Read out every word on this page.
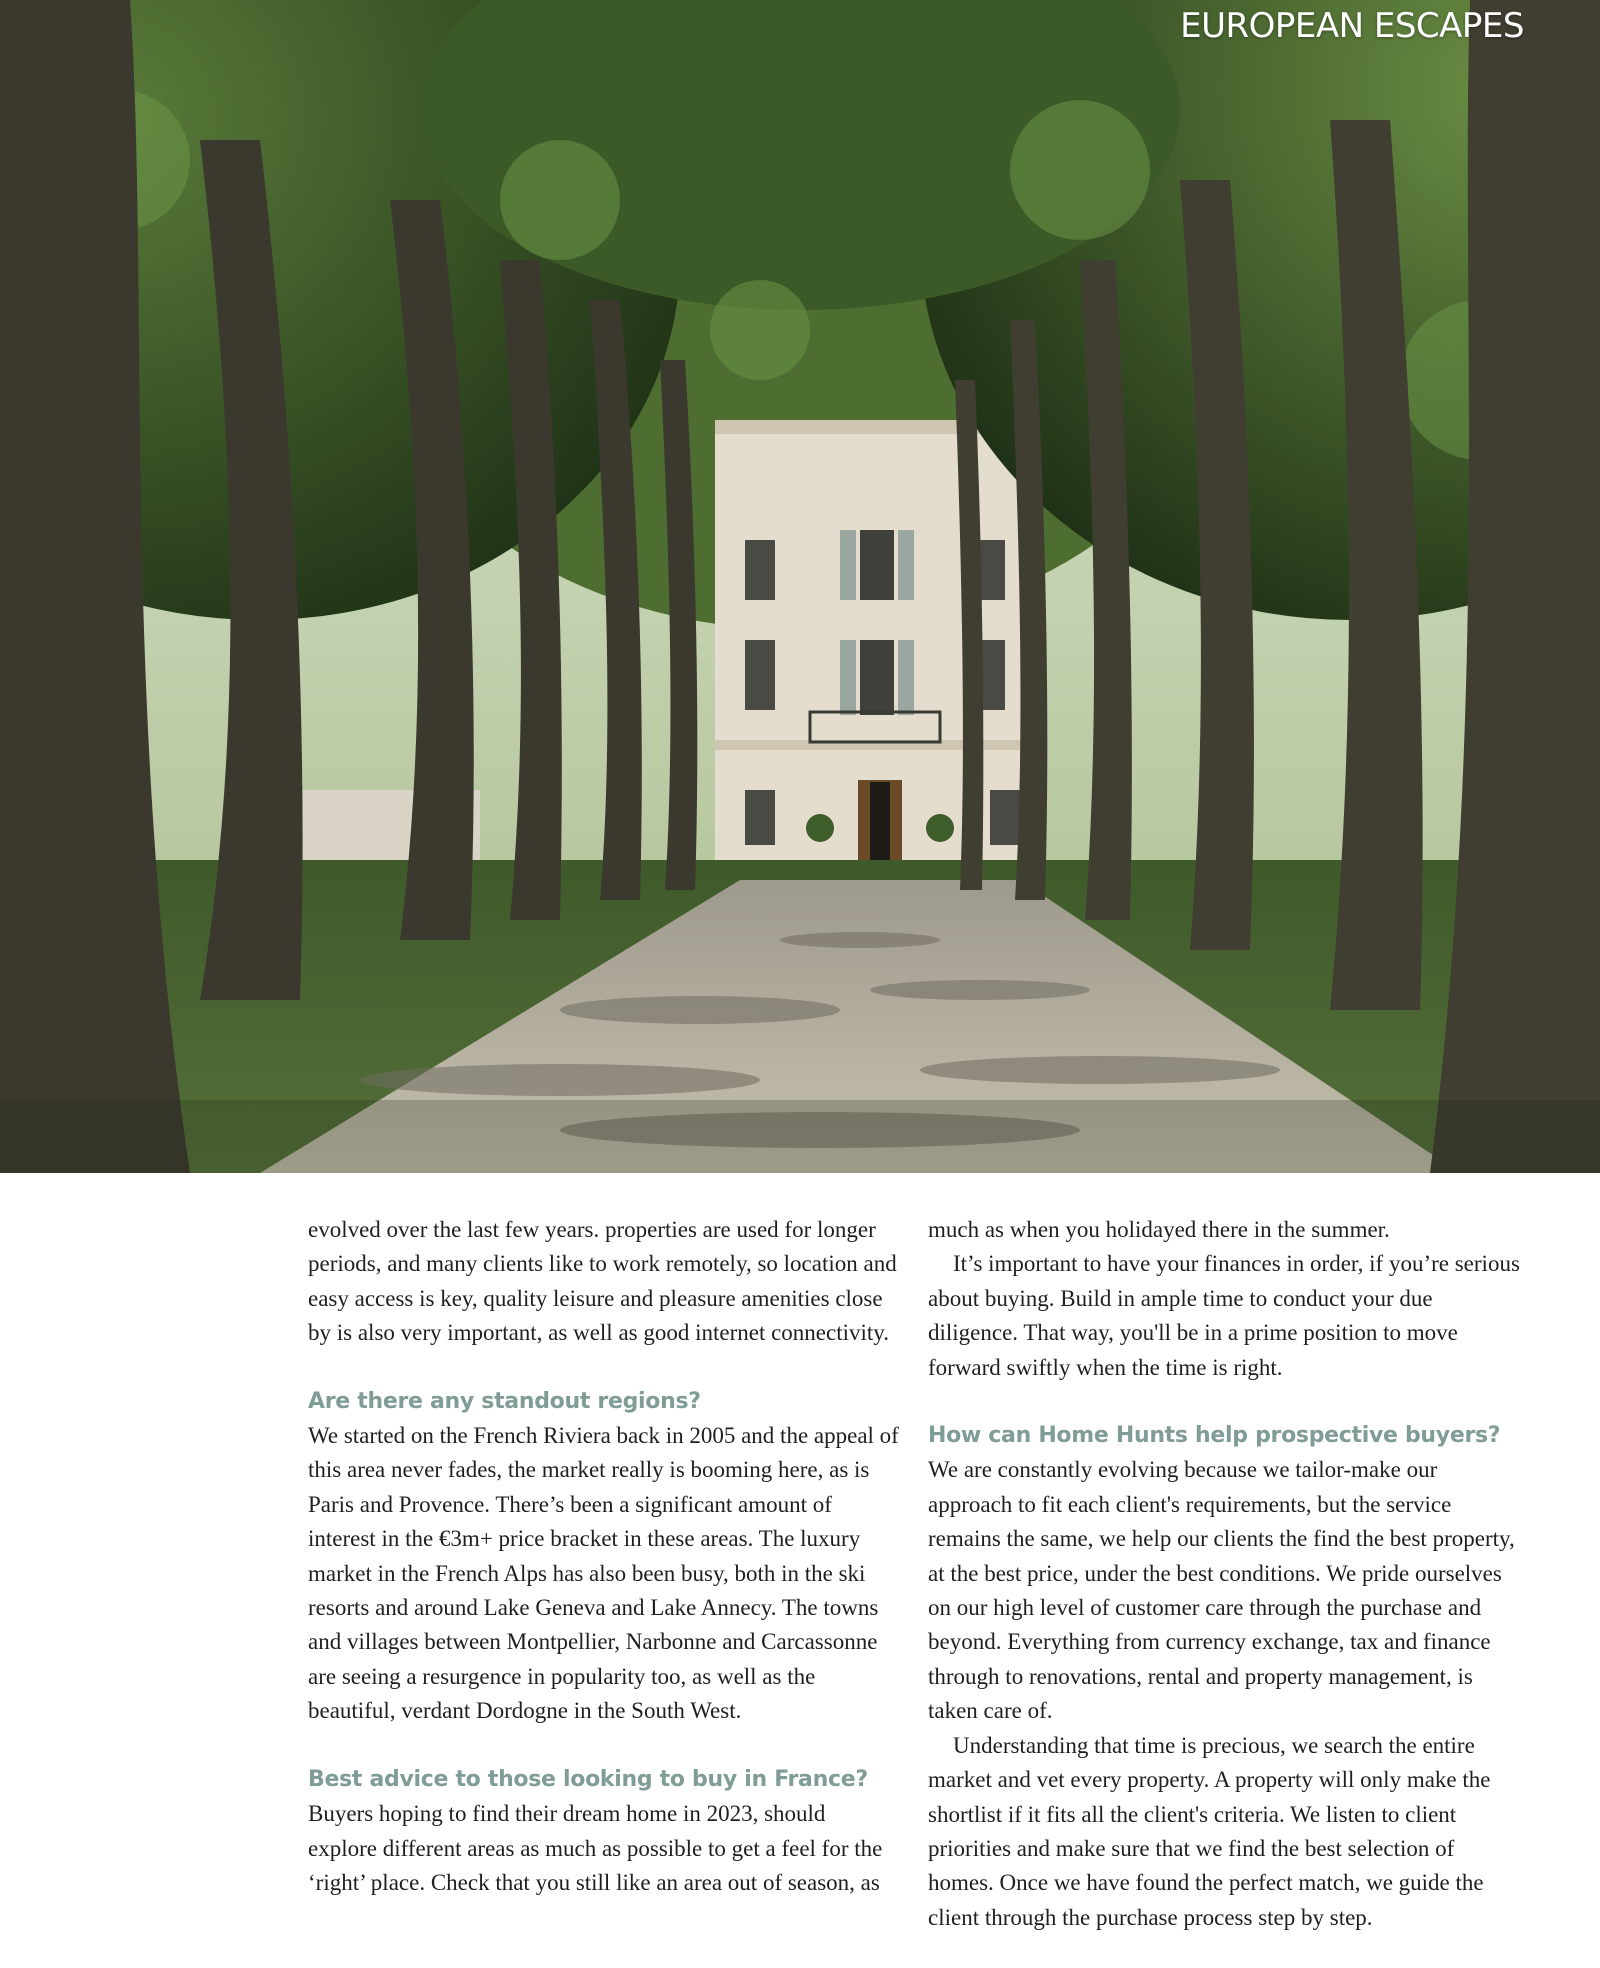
EUROPEAN ESCAPES

evolved over the last few years. properties are used for longer periods, and many clients like to work remotely, so location and easy access is key, quality leisure and pleasure amenities close by is also very important, as well as good internet connectivity.

Are there any standout regions?

We started on the French Riviera back in 2005 and the appeal of this area never fades, the market really is booming here, as is Paris and Provence. There’s been a significant amount of interest in the €3m+ price bracket in these areas. The luxury market in the French Alps has also been busy, both in the ski resorts and around Lake Geneva and Lake Annecy. The towns and villages between Montpellier, Narbonne and Carcassonne are seeing a resurgence in popularity too, as well as the beautiful, verdant Dordogne in the South West.

Best advice to those looking to buy in France?

Buyers hoping to find their dream home in 2023, should explore different areas as much as possible to get a feel for the ‘right’ place. Check that you still like an area out of season, as

much as when you holidayed there in the summer.

It’s important to have your finances in order, if you’re serious about buying. Build in ample time to conduct your due diligence. That way, you'll be in a prime position to move forward swiftly when the time is right.

How can Home Hunts help prospective buyers?

We are constantly evolving because we tailor-make our approach to fit each client's requirements, but the service remains the same, we help our clients the find the best property, at the best price, under the best conditions. We pride ourselves on our high level of customer care through the purchase and beyond. Everything from currency exchange, tax and finance through to renovations, rental and property management, is taken care of.

Understanding that time is precious, we search the entire market and vet every property. A property will only make the shortlist if it fits all the client's criteria. We listen to client priorities and make sure that we find the best selection of homes. Once we have found the perfect match, we guide the client through the purchase process step by step.
